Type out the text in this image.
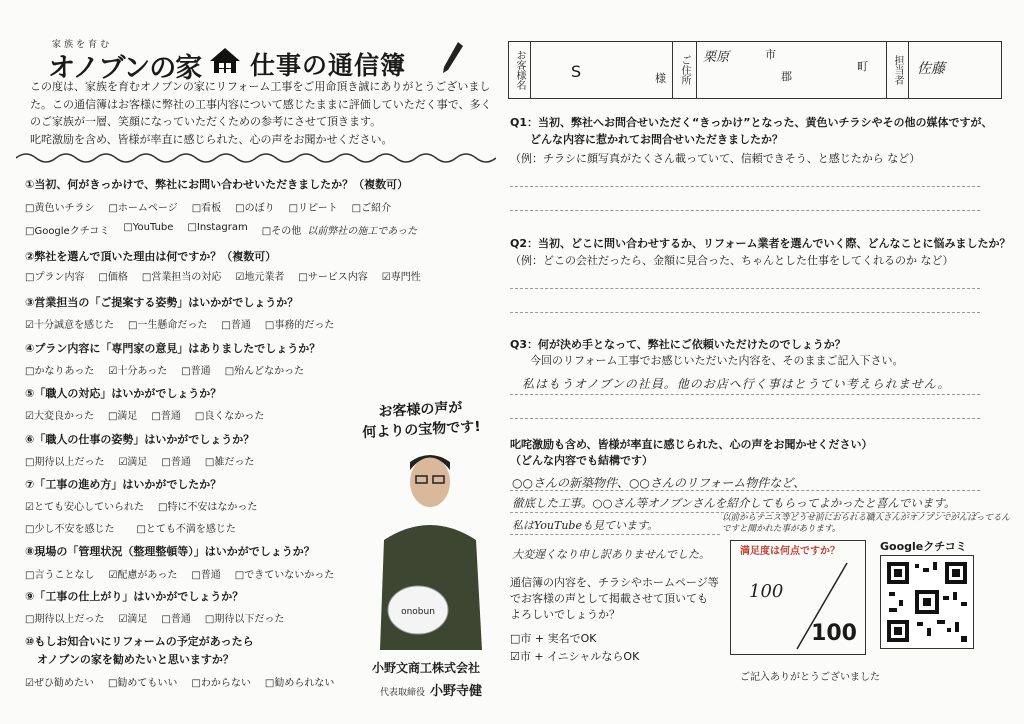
家族を育む
オノブンの家 仕事の通信簿
この度は、家族を育むオノブンの家にリフォーム工事をご用命頂き誠にありがとうございまし
た。この通信簿はお客様に弊社の工事内容について感じたままに評価していただく事で、多く
のご家族が一層、笑顔になっていただくための参考にさせて頂きます。
叱咤激励を含め、皆様が率直に感じられた、心の声をお聞かせください。
①当初、何がきっかけで、弊社にお問い合わせいただきましたか？（複数可）
□黄色いチラシ □ホームページ □看板 □のぼり □リピート □ご紹介
□Googleクチコミ □YouTube □Instagram □その他 以前弊社の施工であった
②弊社を選んで頂いた理由は何ですか？（複数可）
□プラン内容 □価格 □営業担当の対応 ☑地元業者 □サービス内容 ☑専門性
③営業担当の「ご提案する姿勢」はいかがでしょうか？
☑十分誠意を感じた □一生懸命だった □普通 □事務的だった
④プラン内容に「専門家の意見」はありましたでしょうか？
□かなりあった ☑十分あった □普通 □殆んどなかった
⑤「職人の対応」はいかがでしょうか？
☑大変良かった □満足 □普通 □良くなかった
⑥「職人の仕事の姿勢」はいかがでしょうか？
□期待以上だった ☑満足 □普通 □雑だった
⑦「工事の進め方」はいかがでしたか？
☑とても安心していられた □特に不安はなかった
□少し不安を感じた □とても不満を感じた
⑧現場の「管理状況（整理整頓等）」はいかがでしょうか？
□言うことなし ☑配慮があった □普通 □できていないかった
⑨「工事の仕上がり」はいかがでしょうか？
□期待以上だった ☑満足 □普通 □期待以下だった
⑩もしお知合いにリフォームの予定があったら
オノブンの家を勧めたいと思いますか？
☑ぜひ勧めたい □勧めてもいい □わからない □勧められない
お客様の声が
何よりの宝物です!
onobun
小野文商工株式会社
代表取締役 小野寺健
お客様名	S	様	ご住所	栗原	市
郡
町	担当者	佐藤
Q1：当初、弊社へお問合せいただく“きっかけ”となった、黄色いチラシやその他の媒体ですが、
どんな内容に惹かれてお問合せいただきましたか？
（例：チラシに顔写真がたくさん載っていて、信頼できそう、と感じたから など）
Q2：当初、どこに問い合わせするか、リフォーム業者を選んでいく際、どんなことに悩みましたか？
（例：どこの会社だったら、金額に見合った、ちゃんとした仕事をしてくれるのか など）
Q3：何が決め手となって、弊社にご依頼いただけたのでしょうか？
今回のリフォーム工事でお感じいただいた内容を、そのままご記入下さい。
私はもうオノブンの社員。他のお店へ行く事はとうてい考えられません。
叱咤激励も含め、皆様が率直に感じられた、心の声をお聞かせください）
（どんな内容でも結構です）
○○さんの新築物件、○○さんのリフォーム物件など、
徹底した工事。○○さん等オノブンさんを紹介してもらってよかったと喜んでいます。
私はYouTubeも見ています。
以前からテニス等どうせ前におられる職人さんがオノブンでがんばってるんですと聞かれた事があります。
大変遅くなり申し訳ありませんでした。
通信簿の内容を、チラシやホームページ等
でお客様の声として掲載させて頂いても
よろしいでしょうか？
□市 + 実名でOK
☑市 + イニシャルならOK
ご記入ありがとうございました
満足度は何点ですか？
100
100
Googleクチコミ
